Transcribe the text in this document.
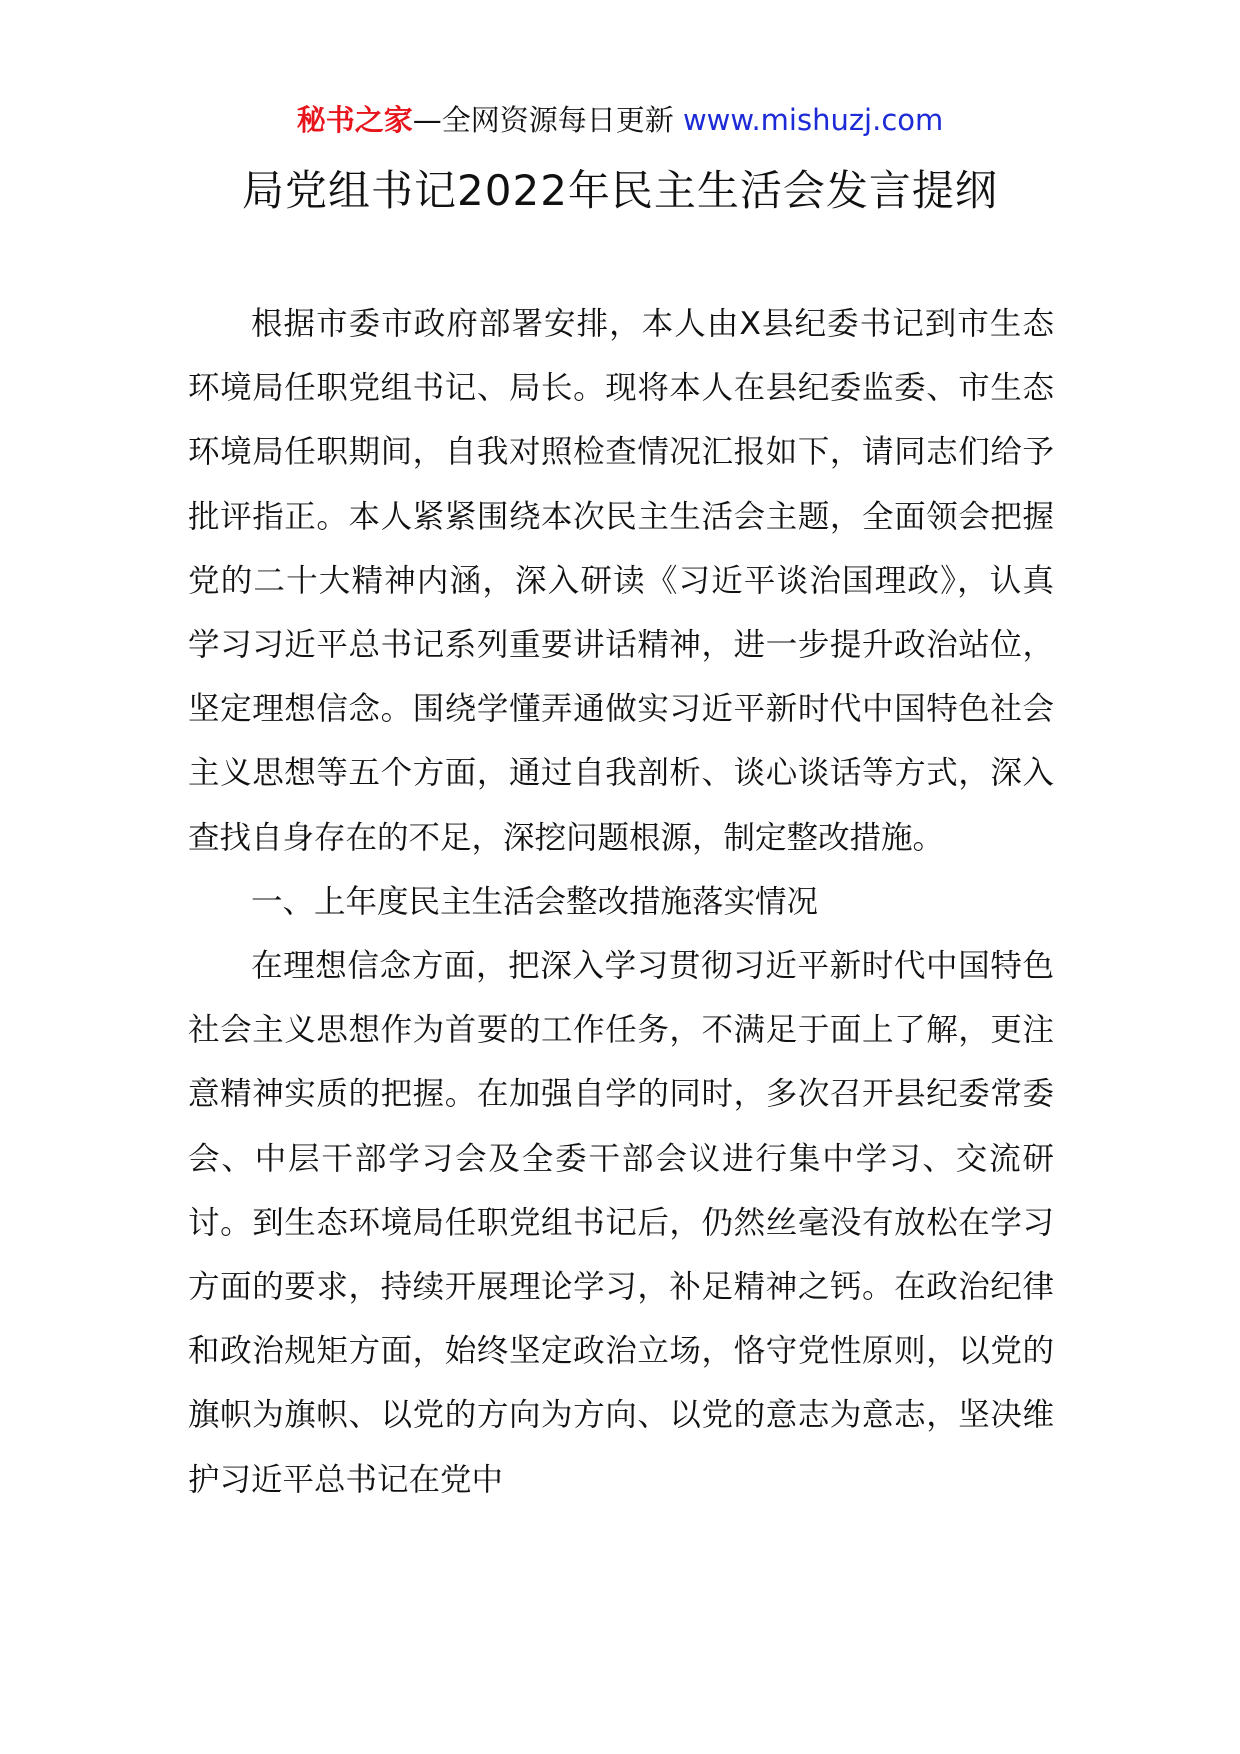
秘书之家—全网资源每日更新 www.mishuzj.com
局党组书记2022年民主生活会发言提纲

根据市委市政府部署安排，本人由X县纪委书记到市生态环境局任职党组书记、局长。现将本人在县纪委监委、市生态环境局任职期间，自我对照检查情况汇报如下，请同志们给予批评指正。本人紧紧围绕本次民主生活会主题，全面领会把握党的二十大精神内涵，深入研读《习近平谈治国理政》，认真学习习近平总书记系列重要讲话精神，进一步提升政治站位，坚定理想信念。围绕学懂弄通做实习近平新时代中国特色社会主义思想等五个方面，通过自我剖析、谈心谈话等方式，深入查找自身存在的不足，深挖问题根源，制定整改措施。

一、上年度民主生活会整改措施落实情况

在理想信念方面，把深入学习贯彻习近平新时代中国特色社会主义思想作为首要的工作任务，不满足于面上了解，更注意精神实质的把握。在加强自学的同时，多次召开县纪委常委会、中层干部学习会及全委干部会议进行集中学习、交流研讨。到生态环境局任职党组书记后，仍然丝毫没有放松在学习方面的要求，持续开展理论学习，补足精神之钙。在政治纪律和政治规矩方面，始终坚定政治立场，恪守党性原则，以党的旗帜为旗帜、以党的方向为方向、以党的意志为意志，坚决维护习近平总书记在党中
